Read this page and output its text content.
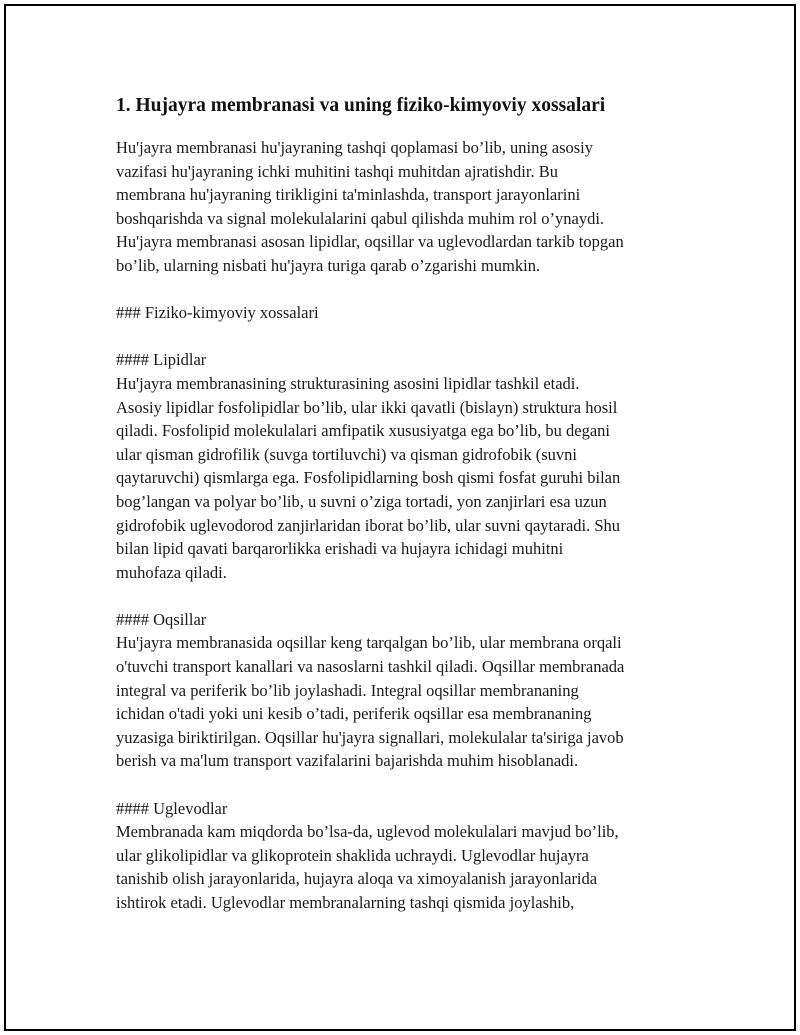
1. Hujayra membranasi va uning fiziko-kimyoviy xossalari

Hu'jayra membranasi hu'jayraning tashqi qoplamasi bo’lib, uning asosiy

vazifasi hu'jayraning ichki muhitini tashqi muhitdan ajratishdir. Bu

membrana hu'jayraning tirikligini ta'minlashda, transport jarayonlarini

boshqarishda va signal molekulalarini qabul qilishda muhim rol o’ynaydi.

Hu'jayra membranasi asosan lipidlar, oqsillar va uglevodlardan tarkib topgan

bo’lib, ularning nisbati hu'jayra turiga qarab o’zgarishi mumkin.

### Fiziko-kimyoviy xossalari

#### Lipidlar

Hu'jayra membranasining strukturasining asosini lipidlar tashkil etadi.

Asosiy lipidlar fosfolipidlar bo’lib, ular ikki qavatli (bislayn) struktura hosil

qiladi. Fosfolipid molekulalari amfipatik xususiyatga ega bo’lib, bu degani

ular qisman gidrofilik (suvga tortiluvchi) va qisman gidrofobik (suvni

qaytaruvchi) qismlarga ega. Fosfolipidlarning bosh qismi fosfat guruhi bilan

bog’langan va polyar bo’lib, u suvni o’ziga tortadi, yon zanjirlari esa uzun

gidrofobik uglevodorod zanjirlaridan iborat bo’lib, ular suvni qaytaradi. Shu

bilan lipid qavati barqarorlikka erishadi va hujayra ichidagi muhitni

muhofaza qiladi.

#### Oqsillar

Hu'jayra membranasida oqsillar keng tarqalgan bo’lib, ular membrana orqali

o'tuvchi transport kanallari va nasoslarni tashkil qiladi. Oqsillar membranada

integral va periferik bo’lib joylashadi. Integral oqsillar membrananing

ichidan o'tadi yoki uni kesib o’tadi, periferik oqsillar esa membrananing

yuzasiga biriktirilgan. Oqsillar hu'jayra signallari, molekulalar ta'siriga javob

berish va ma'lum transport vazifalarini bajarishda muhim hisoblanadi.

#### Uglevodlar

Membranada kam miqdorda bo’lsa-da, uglevod molekulalari mavjud bo’lib,

ular glikolipidlar va glikoprotein shaklida uchraydi. Uglevodlar hujayra

tanishib olish jarayonlarida, hujayra aloqa va ximoyalanish jarayonlarida

ishtirok etadi. Uglevodlar membranalarning tashqi qismida joylashib,
